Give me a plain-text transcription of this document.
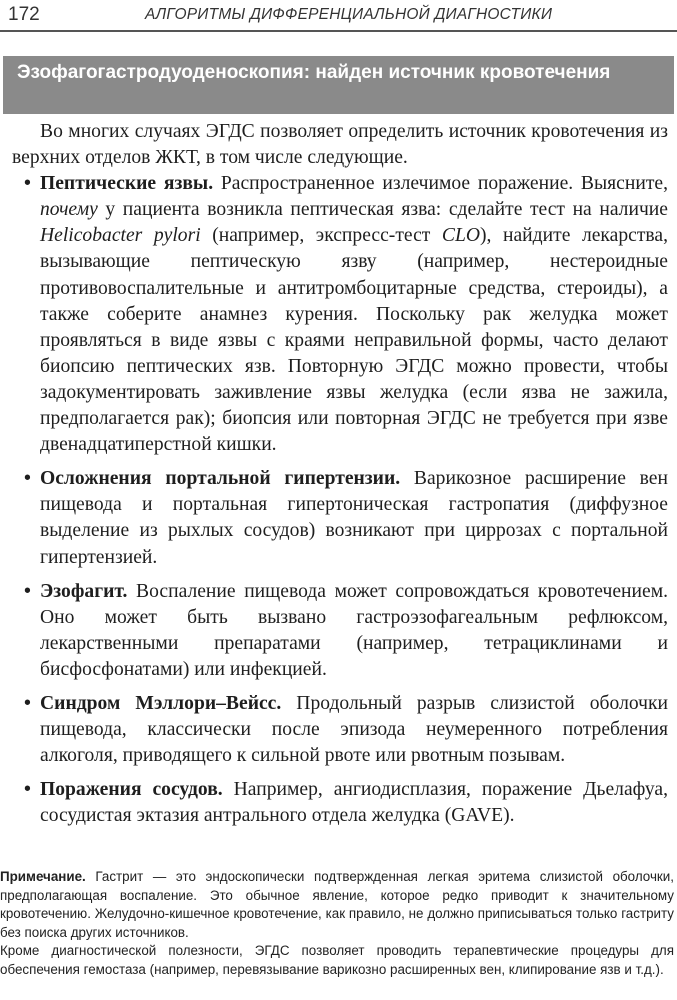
172	АЛГОРИТМЫ ДИФФЕРЕНЦИАЛЬНОЙ ДИАГНОСТИКИ
Эзофагогастродуоденоскопия: найден источник кровотечения

Во многих случаях ЭГДС позволяет определить источник кровотечения из верхних отделов ЖКТ, в том числе следующие.

• Пептические язвы. Распространенное излечимое поражение. Выясните, почему у пациента возникла пептическая язва: сделайте тест на наличие Helicobacter pylori (например, экспресс-тест CLO), найдите лекарства, вызывающие пептическую язву (например, нестероидные противовоспалительные и антитромбоцитарные средства, стероиды), а также соберите анамнез курения. Поскольку рак желудка может проявляться в виде язвы с краями неправильной формы, часто делают биопсию пептических язв. Повторную ЭГДС можно провести, чтобы задокументировать заживление язвы желудка (если язва не зажила, предполагается рак); биопсия или повторная ЭГДС не требуется при язве двенадцатиперстной кишки.
• Осложнения портальной гипертензии. Варикозное расширение вен пищевода и портальная гипертоническая гастропатия (диффузное выделение из рыхлых сосудов) возникают при циррозах с портальной гипертензией.
• Эзофагит. Воспаление пищевода может сопровождаться кровотечением. Оно может быть вызвано гастроэзофагеальным рефлюксом, лекарственными препаратами (например, тетрациклинами и бисфосфонатами) или инфекцией.
• Синдром Мэллори–Вейсс. Продольный разрыв слизистой оболочки пищевода, классически после эпизода неумеренного потребления алкоголя, приводящего к сильной рвоте или рвотным позывам.
• Поражения сосудов. Например, ангиодисплазия, поражение Дьелафуа, сосудистая эктазия антрального отдела желудка (GAVE).

Примечание. Гастрит — это эндоскопически подтвержденная легкая эритема слизистой оболочки, предполагающая воспаление. Это обычное явление, которое редко приводит к значительному кровотечению. Желудочно-кишечное кровотечение, как правило, не должно приписываться только гастриту без поиска других источников.

Кроме диагностической полезности, ЭГДС позволяет проводить терапевтические процедуры для обеспечения гемостаза (например, перевязывание варикозно расширенных вен, клипирование язв и т.д.).
